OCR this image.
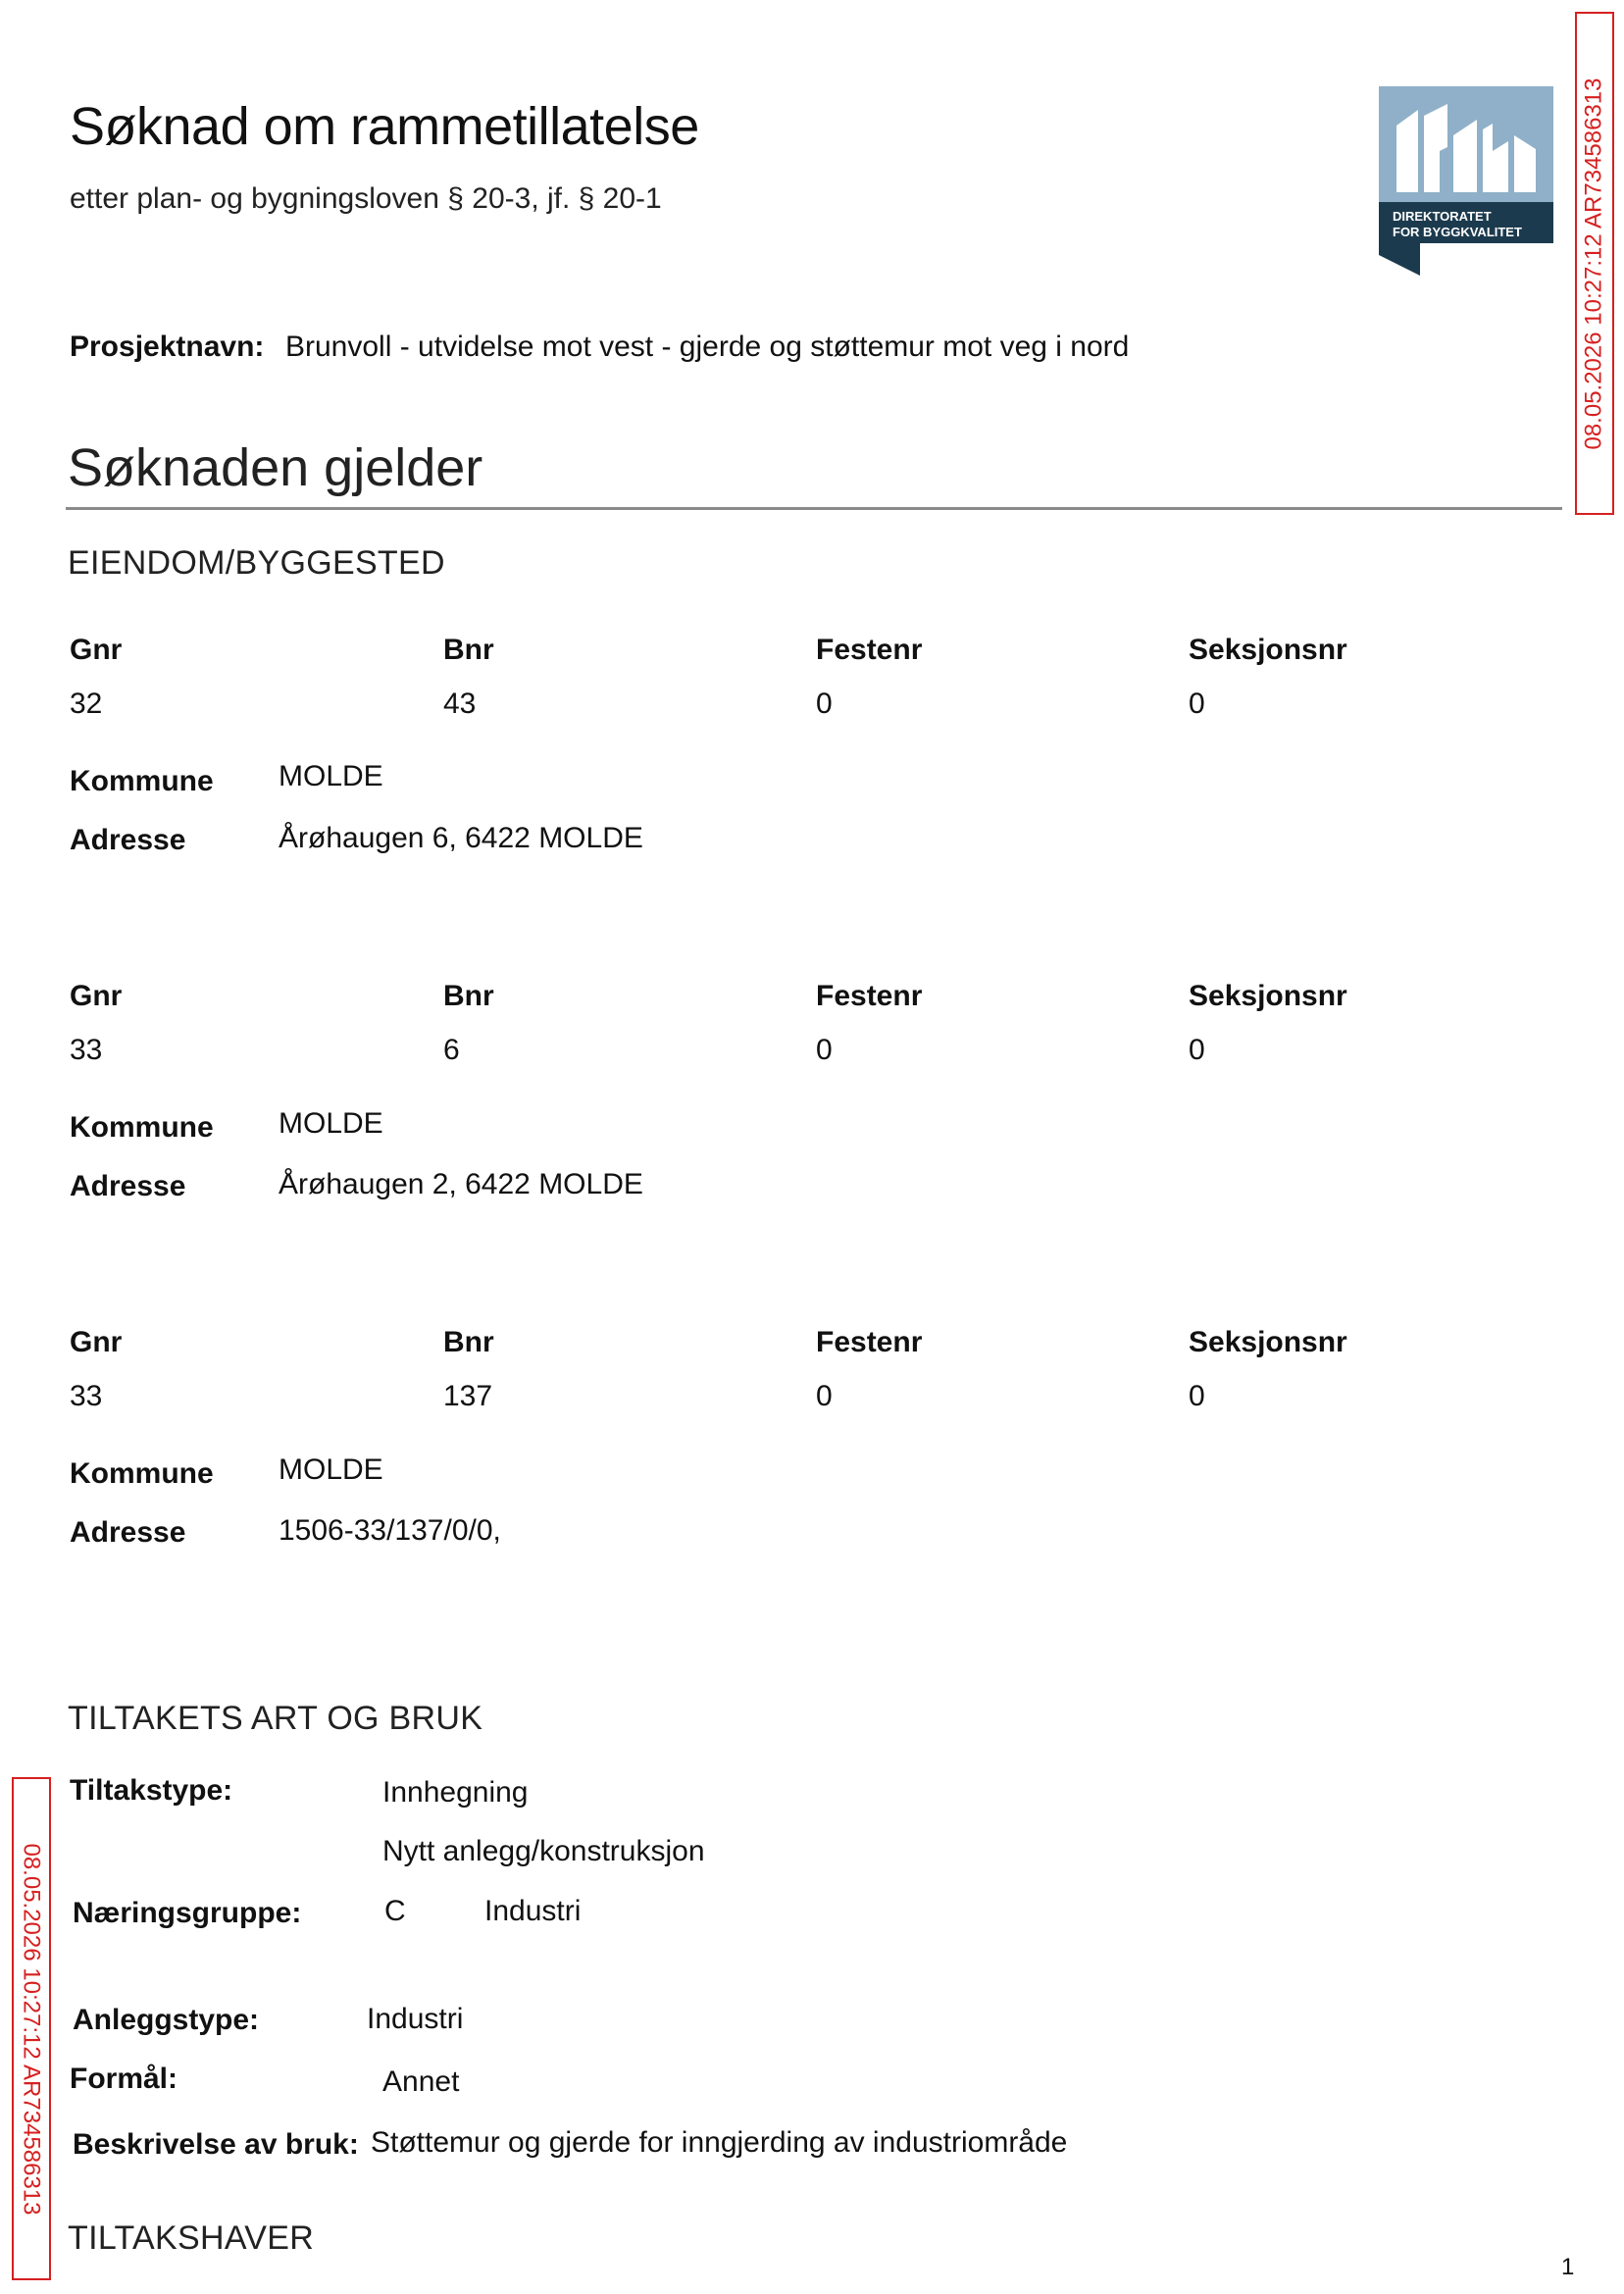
Søknad om rammetillatelse
etter plan- og bygningsloven § 20-3, jf. § 20-1
DIREKTORATET
FOR BYGGKVALITET	08.05.2026 10:27:12 AR734586313
08.05.2026 10:27:12 AR734586313
Prosjektnavn: Brunvoll - utvidelse mot vest - gjerde og støttemur mot veg i nord
Søknaden gjelder
EIENDOM/BYGGESTED
Gnr	Bnr	Festenr	Seksjonsnr
32	43	0	0
Kommune MOLDE
Adresse	Årøhaugen 6, 6422 MOLDE
Gnr	Bnr	Festenr	Seksjonsnr
33	6	0	0
Kommune MOLDE
Adresse	Årøhaugen 2, 6422 MOLDE
Gnr	Bnr	Festenr	Seksjonsnr
33	137	0	0
Kommune MOLDE
Adresse	1506-33/137/0/0,
TILTAKETS ART OG BRUK
Tiltakstype:	Innhegning
Nytt anlegg/konstruksjon
Næringsgruppe:	C	Industri
Anleggstype:	Industri
Formål:	Annet
Beskrivelse av bruk: Støttemur og gjerde for inngjerding av industriområde
TILTAKSHAVER
1
